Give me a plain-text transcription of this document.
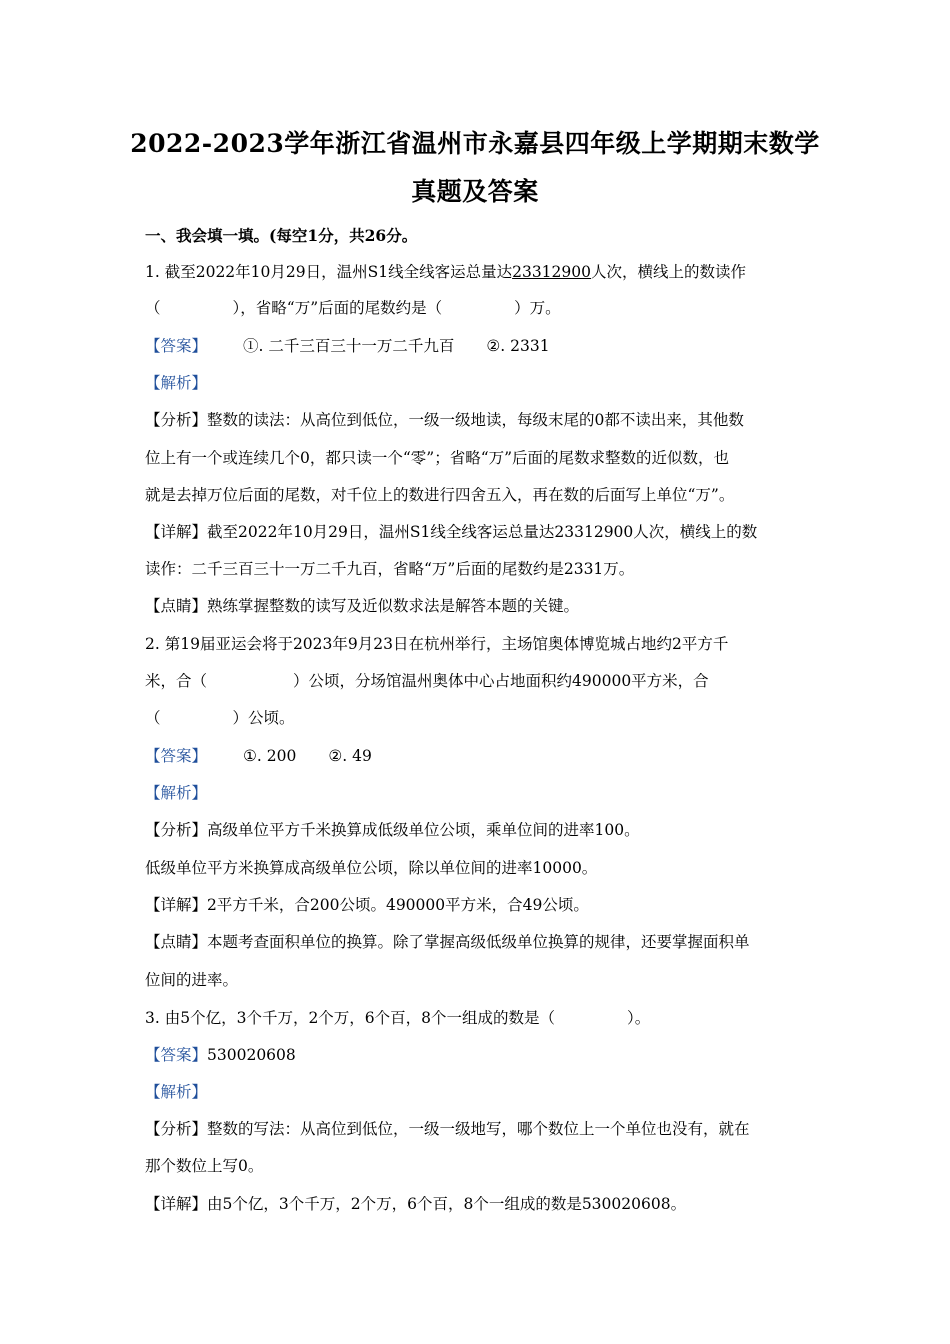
2022-2023学年浙江省温州市永嘉县四年级上学期期末数学
真题及答案
一、我会填一填。(每空1分，共26分。
1. 截至2022年10月29日，温州S1线全线客运总量达23312900人次，横线上的数读作
（	），省略“万”后面的尾数约是（	）万。
【答案】 ①. 二千三百三十一万二千九百 ②. 2331
【解析】
【分析】整数的读法：从高位到低位，一级一级地读，每级末尾的0都不读出来，其他数
位上有一个或连续几个0，都只读一个“零”；省略“万”后面的尾数求整数的近似数，也
就是去掉万位后面的尾数，对千位上的数进行四舍五入，再在数的后面写上单位“万”。
【详解】截至2022年10月29日，温州S1线全线客运总量达23312900人次，横线上的数
读作：二千三百三十一万二千九百，省略“万”后面的尾数约是2331万。
【点睛】熟练掌握整数的读写及近似数求法是解答本题的关键。
2. 第19届亚运会将于2023年9月23日在杭州举行，主场馆奥体博览城占地约2平方千
米，合（	）公顷，分场馆温州奥体中心占地面积约490000平方米，合
（	）公顷。
【答案】 ①. 200 ②. 49
【解析】
【分析】高级单位平方千米换算成低级单位公顷，乘单位间的进率100。
低级单位平方米换算成高级单位公顷，除以单位间的进率10000。
【详解】2平方千米，合200公顷。490000平方米，合49公顷。
【点睛】本题考查面积单位的换算。除了掌握高级低级单位换算的规律，还要掌握面积单
位间的进率。
3. 由5个亿，3个千万，2个万，6个百，8个一组成的数是（	）。
【答案】530020608
【解析】
【分析】整数的写法：从高位到低位，一级一级地写，哪个数位上一个单位也没有，就在
那个数位上写0。
【详解】由5个亿，3个千万，2个万，6个百，8个一组成的数是530020608。
